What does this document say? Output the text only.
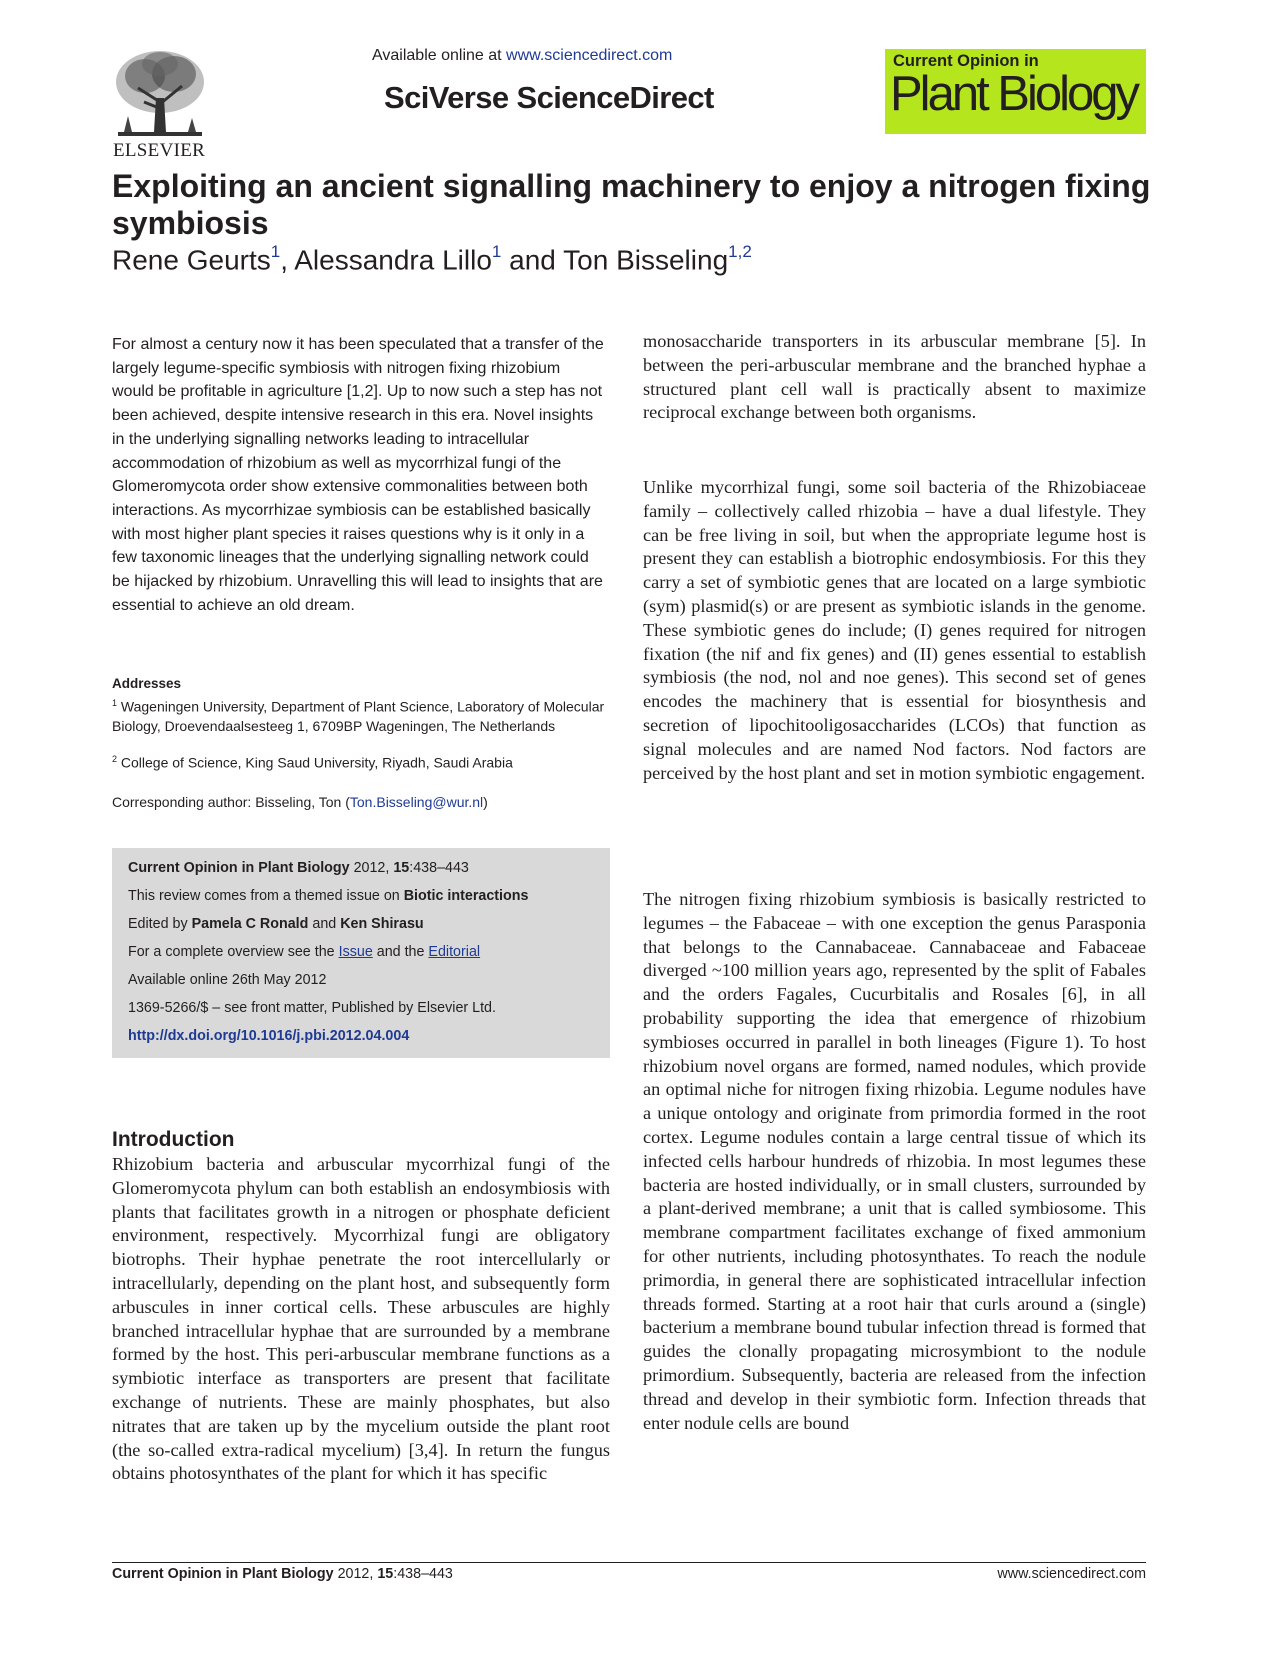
ELSEVIER
Available online at www.sciencedirect.com
SciVerse ScienceDirect
Current Opinion in
Plant Biology
Exploiting an ancient signalling machinery to enjoy a nitrogen fixing symbiosis
Rene Geurts$^1$, Alessandra Lillo$^1$ and Ton Bisseling$^{1,2}$

For almost a century now it has been speculated that a transfer of the largely legume-specific symbiosis with nitrogen fixing rhizobium would be profitable in agriculture [1,2]. Up to now such a step has not been achieved, despite intensive research in this era. Novel insights in the underlying signalling networks leading to intracellular accommodation of rhizobium as well as mycorrhizal fungi of the Glomeromycota order show extensive commonalities between both interactions. As mycorrhizae symbiosis can be established basically with most higher plant species it raises questions why is it only in a few taxonomic lineages that the underlying signalling network could be hijacked by rhizobium. Unravelling this will lead to insights that are essential to achieve an old dream.

Addresses

$^1$ Wageningen University, Department of Plant Science, Laboratory of Molecular Biology, Droevendaalsesteeg 1, 6709BP Wageningen, The Netherlands

$^2$ College of Science, King Saud University, Riyadh, Saudi Arabia

Corresponding author: Bisseling, Ton (Ton.Bisseling@wur.nl)
Current Opinion in Plant Biology 2012, 15:438–443
This review comes from a themed issue on Biotic interactions
Edited by Pamela C Ronald and Ken Shirasu
For a complete overview see the Issue and the Editorial
Available online 26th May 2012
1369-5266/$ – see front matter, Published by Elsevier Ltd.
http://dx.doi.org/10.1016/j.pbi.2012.04.004
Introduction

Rhizobium bacteria and arbuscular mycorrhizal fungi of the Glomeromycota phylum can both establish an endosymbiosis with plants that facilitates growth in a nitrogen or phosphate deficient environment, respectively. Mycorrhizal fungi are obligatory biotrophs. Their hyphae penetrate the root intercellularly or intracellularly, depending on the plant host, and subsequently form arbuscules in inner cortical cells. These arbuscules are highly branched intracellular hyphae that are surrounded by a membrane formed by the host. This peri-arbuscular membrane functions as a symbiotic interface as transporters are present that facilitate exchange of nutrients. These are mainly phosphates, but also nitrates that are taken up by the mycelium outside the plant root (the so-called extra-radical mycelium) [3,4]. In return the fungus obtains photosynthates of the plant for which it has specific

monosaccharide transporters in its arbuscular membrane [5]. In between the peri-arbuscular membrane and the branched hyphae a structured plant cell wall is practically absent to maximize reciprocal exchange between both organisms.

Unlike mycorrhizal fungi, some soil bacteria of the Rhizobiaceae family – collectively called rhizobia – have a dual lifestyle. They can be free living in soil, but when the appropriate legume host is present they can establish a biotrophic endosymbiosis. For this they carry a set of symbiotic genes that are located on a large symbiotic (sym) plasmid(s) or are present as symbiotic islands in the genome. These symbiotic genes do include; (I) genes required for nitrogen fixation (the nif and fix genes) and (II) genes essential to establish symbiosis (the nod, nol and noe genes). This second set of genes encodes the machinery that is essential for biosynthesis and secretion of lipochitooligosaccharides (LCOs) that function as signal molecules and are named Nod factors. Nod factors are perceived by the host plant and set in motion symbiotic engagement.

The nitrogen fixing rhizobium symbiosis is basically restricted to legumes – the Fabaceae – with one exception the genus Parasponia that belongs to the Cannabaceae. Cannabaceae and Fabaceae diverged ~100 million years ago, represented by the split of Fabales and the orders Fagales, Cucurbitalis and Rosales [6], in all probability supporting the idea that emergence of rhizobium symbioses occurred in parallel in both lineages (Figure 1). To host rhizobium novel organs are formed, named nodules, which provide an optimal niche for nitrogen fixing rhizobia. Legume nodules have a unique ontology and originate from primordia formed in the root cortex. Legume nodules contain a large central tissue of which its infected cells harbour hundreds of rhizobia. In most legumes these bacteria are hosted individually, or in small clusters, surrounded by a plant-derived membrane; a unit that is called symbiosome. This membrane compartment facilitates exchange of fixed ammonium for other nutrients, including photosynthates. To reach the nodule primordia, in general there are sophisticated intracellular infection threads formed. Starting at a root hair that curls around a (single) bacterium a membrane bound tubular infection thread is formed that guides the clonally propagating microsymbiont to the nodule primordium. Subsequently, bacteria are released from the infection thread and develop in their symbiotic form. Infection threads that enter nodule cells are bound

Current Opinion in Plant Biology 2012, 15:438–443	www.sciencedirect.com
